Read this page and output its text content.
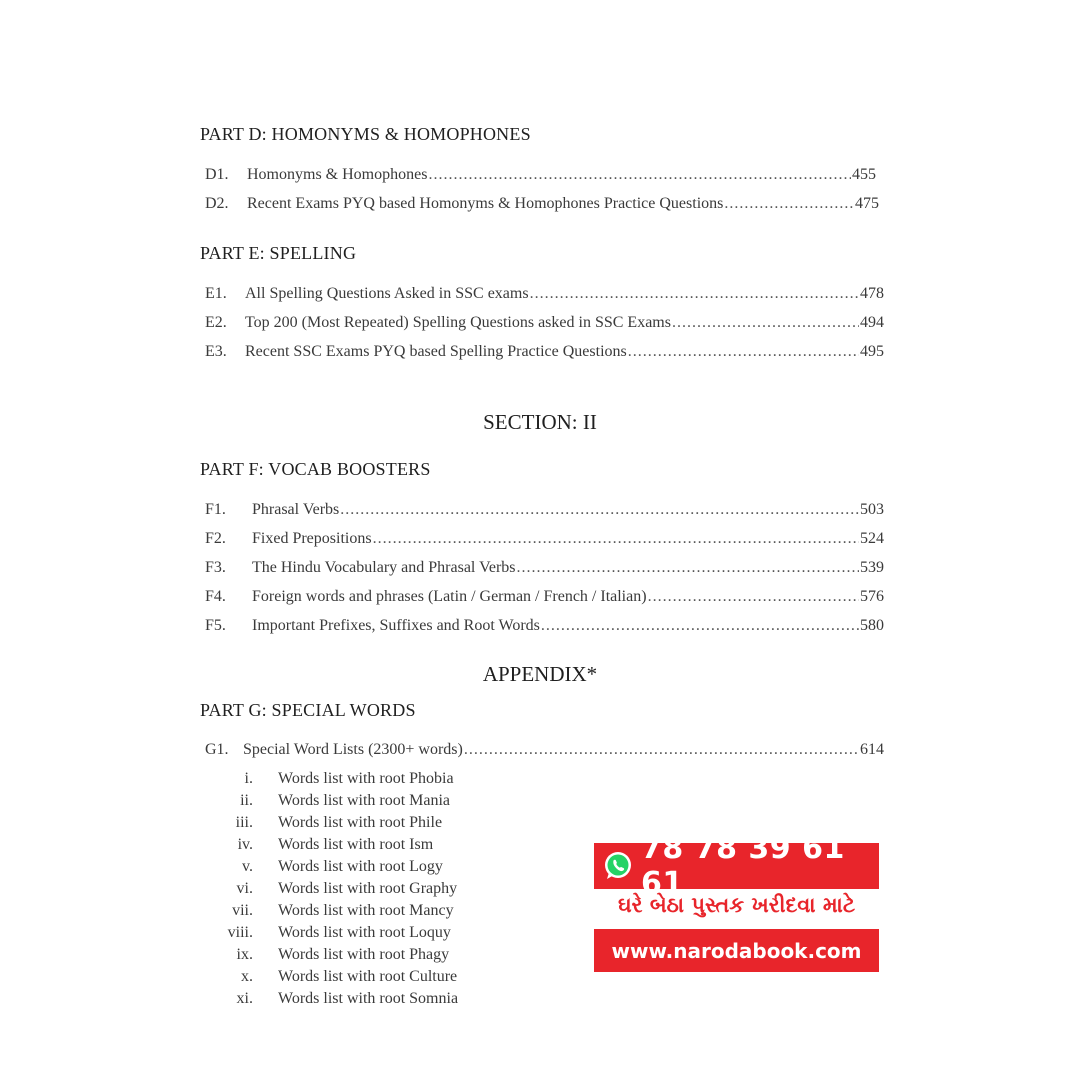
PART D: HOMONYMS & HOMOPHONES
D1.	Homonyms & Homophones .....	455
D2.	Recent Exams PYQ based Homonyms & Homophones Practice Questions .....	475
PART E: SPELLING
E1.	All Spelling Questions Asked in SSC exams .....	478
E2.	Top 200 (Most Repeated) Spelling Questions asked in SSC Exams .....	494
E3.	Recent SSC Exams PYQ based Spelling Practice Questions .....	495
SECTION: II
PART F: VOCAB BOOSTERS
F1.	Phrasal Verbs .....	503
F2.	Fixed Prepositions .....	524
F3.	The Hindu Vocabulary and Phrasal Verbs .....	539
F4.	Foreign words and phrases (Latin / German / French / Italian) .....	576
F5.	Important Prefixes, Suffixes and Root Words .....	580
APPENDIX*
PART G: SPECIAL WORDS
G1. Special Word Lists (2300+ words) .....	614
i. Words list with root Phobia
ii. Words list with root Mania
iii. Words list with root Phile
iv. Words list with root Ism
v. Words list with root Logy
vi. Words list with root Graphy
vii. Words list with root Mancy
viii. Words list with root Loquy
ix. Words list with root Phagy
x. Words list with root Culture
xi. Words list with root Somnia
78 78 39 61 61
ઘરે બેઠા પુસ્તક ખરીદવા માટે
www.narodabook.com
